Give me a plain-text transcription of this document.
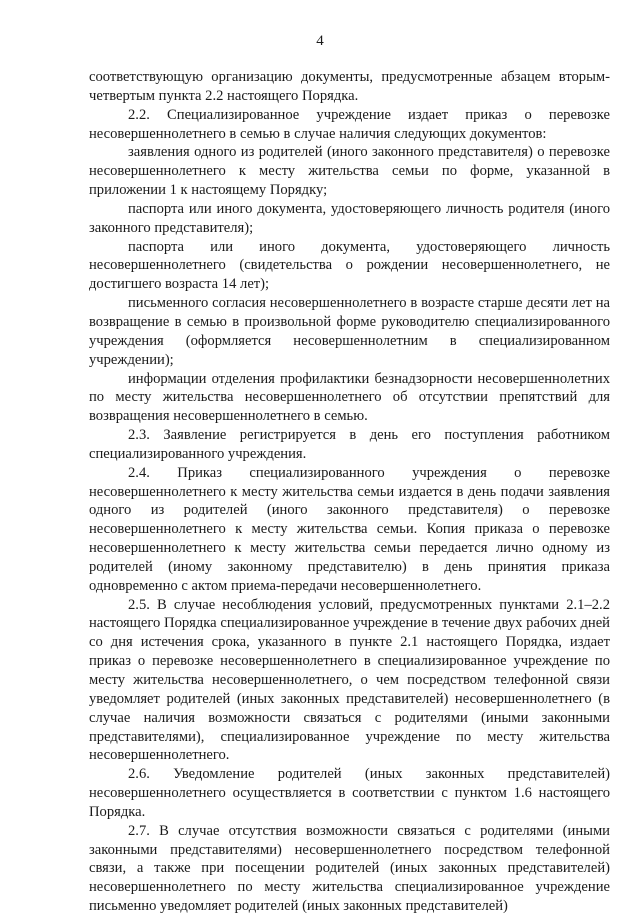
4

соответствующую организацию документы, предусмотренные абзацем вторым-четвертым пункта 2.2 настоящего Порядка.

2.2. Специализированное учреждение издает приказ о перевозке несовершеннолетнего в семью в случае наличия следующих документов:

заявления одного из родителей (иного законного представителя) о перевозке несовершеннолетнего к месту жительства семьи по форме, указанной в приложении 1 к настоящему Порядку;

паспорта или иного документа, удостоверяющего личность родителя (иного законного представителя);

паспорта или иного документа, удостоверяющего личность несовершеннолетнего (свидетельства о рождении несовершеннолетнего, не достигшего возраста 14 лет);

письменного согласия несовершеннолетнего в возрасте старше десяти лет на возвращение в семью в произвольной форме руководителю специализированного учреждения (оформляется несовершеннолетним в специализированном учреждении);

информации отделения профилактики безнадзорности несовершеннолетних по месту жительства несовершеннолетнего об отсутствии препятствий для возвращения несовершеннолетнего в семью.

2.3. Заявление регистрируется в день его поступления работником специализированного учреждения.

2.4. Приказ специализированного учреждения о перевозке несовершеннолетнего к месту жительства семьи издается в день подачи заявления одного из родителей (иного законного представителя) о перевозке несовершеннолетнего к месту жительства семьи. Копия приказа о перевозке несовершеннолетнего к месту жительства семьи передается лично одному из родителей (иному законному представителю) в день принятия приказа одновременно с актом приема-передачи несовершеннолетнего.

2.5. В случае несоблюдения условий, предусмотренных пунктами 2.1–2.2 настоящего Порядка специализированное учреждение в течение двух рабочих дней со дня истечения срока, указанного в пункте 2.1 настоящего Порядка, издает приказ о перевозке несовершеннолетнего в специализированное учреждение по месту жительства несовершеннолетнего, о чем посредством телефонной связи уведомляет родителей (иных законных представителей) несовершеннолетнего (в случае наличия возможности связаться с родителями (иными законными представителями), специализированное учреждение по месту жительства несовершеннолетнего.

2.6. Уведомление родителей (иных законных представителей) несовершеннолетнего осуществляется в соответствии с пунктом 1.6 настоящего Порядка.

2.7. В случае отсутствия возможности связаться с родителями (иными законными представителями) несовершеннолетнего посредством телефонной связи, а также при посещении родителей (иных законных представителей) несовершеннолетнего по месту жительства специализированное учреждение письменно уведомляет родителей (иных законных представителей)
